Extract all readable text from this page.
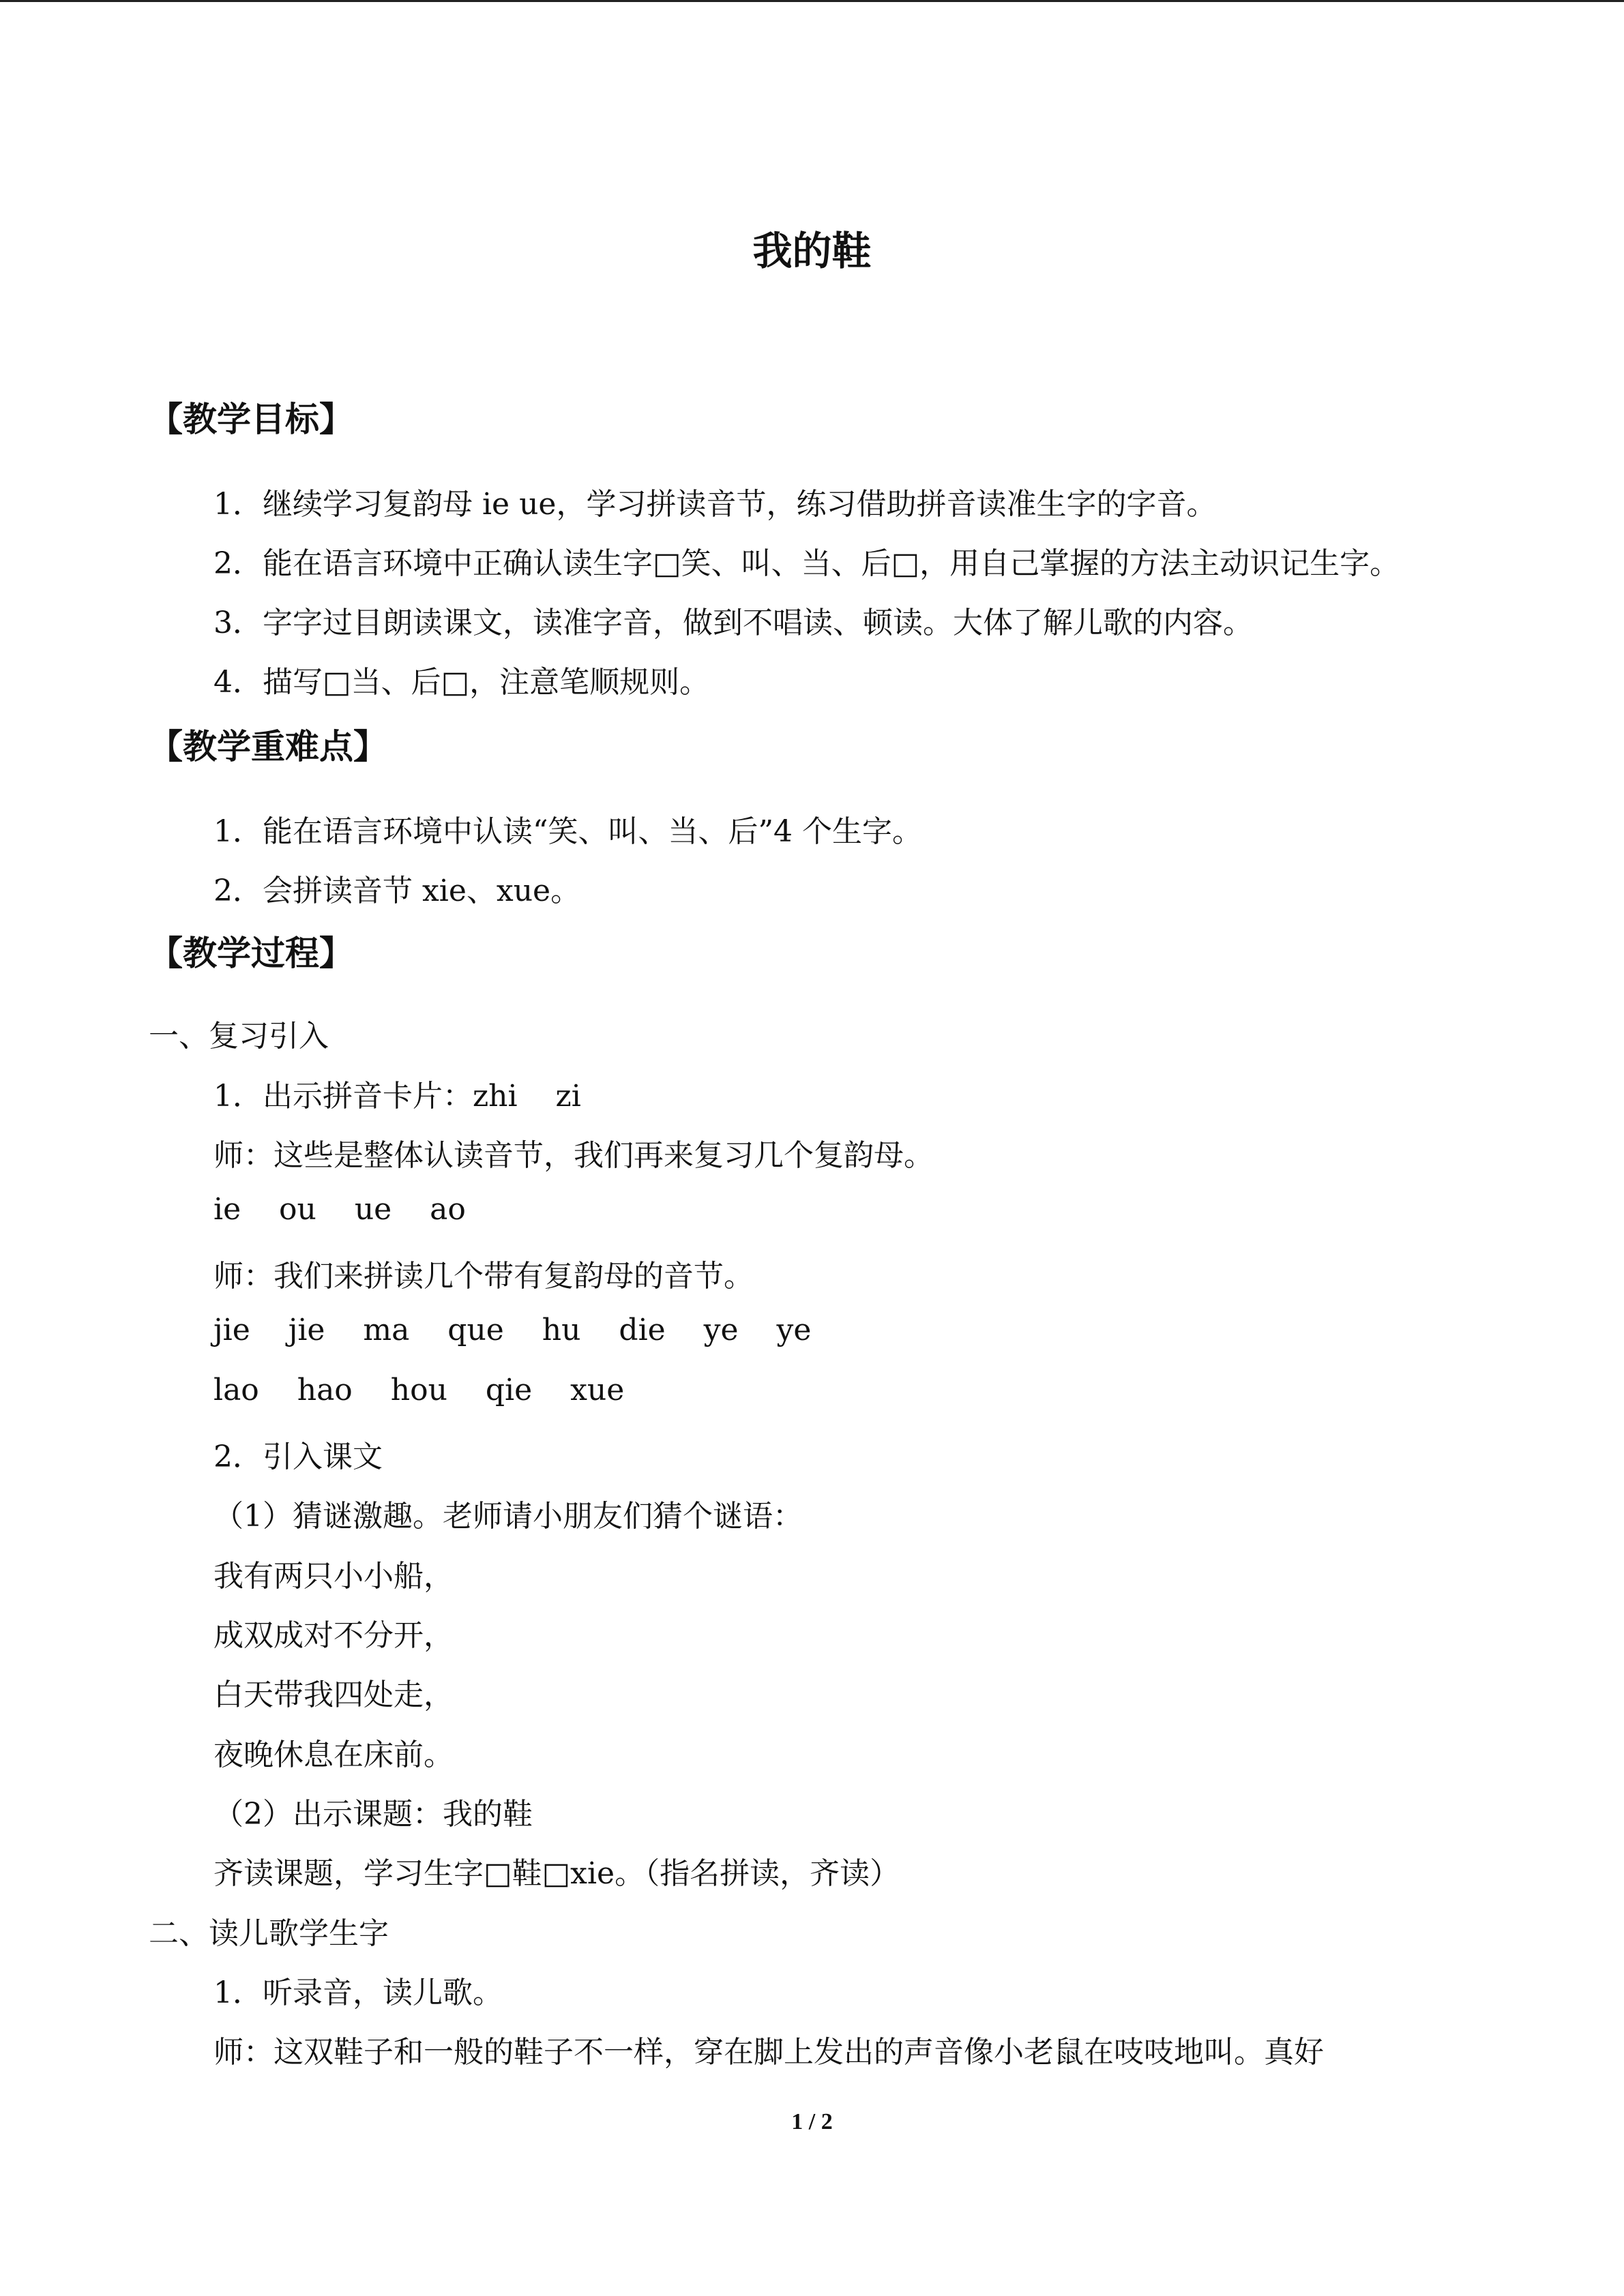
我的鞋
【教学目标】
1．继续学习复韵母 ie ue，学习拼读音节，练习借助拼音读准生字的字音。
2．能在语言环境中正确认读生字□笑、叫、当、后□，用自己掌握的方法主动识记生字。
3．字字过目朗读课文，读准字音，做到不唱读、顿读。大体了解儿歌的内容。
4．描写□当、后□，注意笔顺规则。
【教学重难点】
1．能在语言环境中认读“笑、叫、当、后”4 个生字。
2．会拼读音节 xie、xue。
【教学过程】
一、复习引入
1．出示拼音卡片：zhi    zi
师：这些是整体认读音节，我们再来复习几个复韵母。
ie    ou    ue    ao
师：我们来拼读几个带有复韵母的音节。
jie    jie    ma    que    hu    die    ye    ye
lao    hao    hou    qie    xue
2．引入课文
（1）猜谜激趣。老师请小朋友们猜个谜语：
我有两只小小船，
成双成对不分开，
白天带我四处走，
夜晚休息在床前。
（2）出示课题：我的鞋
齐读课题，学习生字□鞋□xie。（指名拼读，齐读）
二、读儿歌学生字
1．听录音，读儿歌。
师：这双鞋子和一般的鞋子不一样，穿在脚上发出的声音像小老鼠在吱吱地叫。真好
1 / 2
